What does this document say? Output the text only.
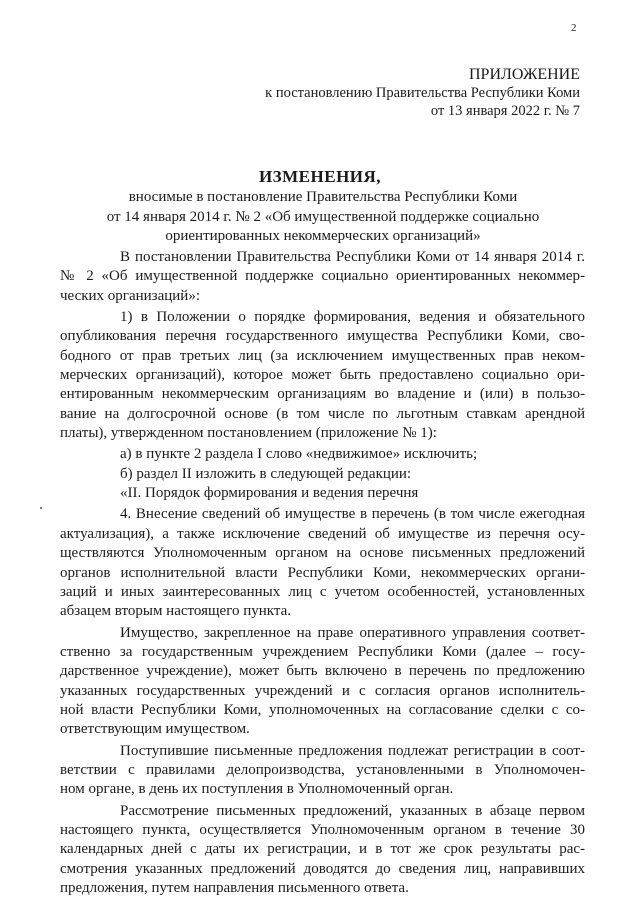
2
ПРИЛОЖЕНИЕ
к постановлению Правительства Республики Коми
от 13 января 2022 г. № 7
ИЗМЕНЕНИЯ,
вносимые в постановление Правительства Республики Коми
от 14 января 2014 г. № 2 «Об имущественной поддержке социально
ориентированных некоммерческих организаций»
В постановлении Правительства Республики Коми от 14 января 2014 г.
№ 2 «Об имущественной поддержке социально ориентированных некоммер-
ческих организаций»:
1) в Положении о порядке формирования, ведения и обязательного
опубликования перечня государственного имущества Республики Коми, сво-
бодного от прав третьих лиц (за исключением имущественных прав неком-
мерческих организаций), которое может быть предоставлено социально ори-
ентированным некоммерческим организациям во владение и (или) в пользо-
вание на долгосрочной основе (в том числе по льготным ставкам арендной
платы), утвержденном постановлением (приложение № 1):
а) в пункте 2 раздела I слово «недвижимое» исключить;
б) раздел II изложить в следующей редакции:
«II. Порядок формирования и ведения перечня
4. Внесение сведений об имуществе в перечень (в том числе ежегодная
актуализация), а также исключение сведений об имуществе из перечня осу-
ществляются Уполномоченным органом на основе письменных предложений
органов исполнительной власти Республики Коми, некоммерческих органи-
заций и иных заинтересованных лиц с учетом особенностей, установленных
абзацем вторым настоящего пункта.
Имущество, закрепленное на праве оперативного управления соответ-
ственно за государственным учреждением Республики Коми (далее – госу-
дарственное учреждение), может быть включено в перечень по предложению
указанных государственных учреждений и с согласия органов исполнитель-
ной власти Республики Коми, уполномоченных на согласование сделки с со-
ответствующим имуществом.
Поступившие письменные предложения подлежат регистрации в соот-
ветствии с правилами делопроизводства, установленными в Уполномочен-
ном органе, в день их поступления в Уполномоченный орган.
Рассмотрение письменных предложений, указанных в абзаце первом
настоящего пункта, осуществляется Уполномоченным органом в течение 30
календарных дней с даты их регистрации, и в тот же срок результаты рас-
смотрения указанных предложений доводятся до сведения лиц, направивших
предложения, путем направления письменного ответа.
